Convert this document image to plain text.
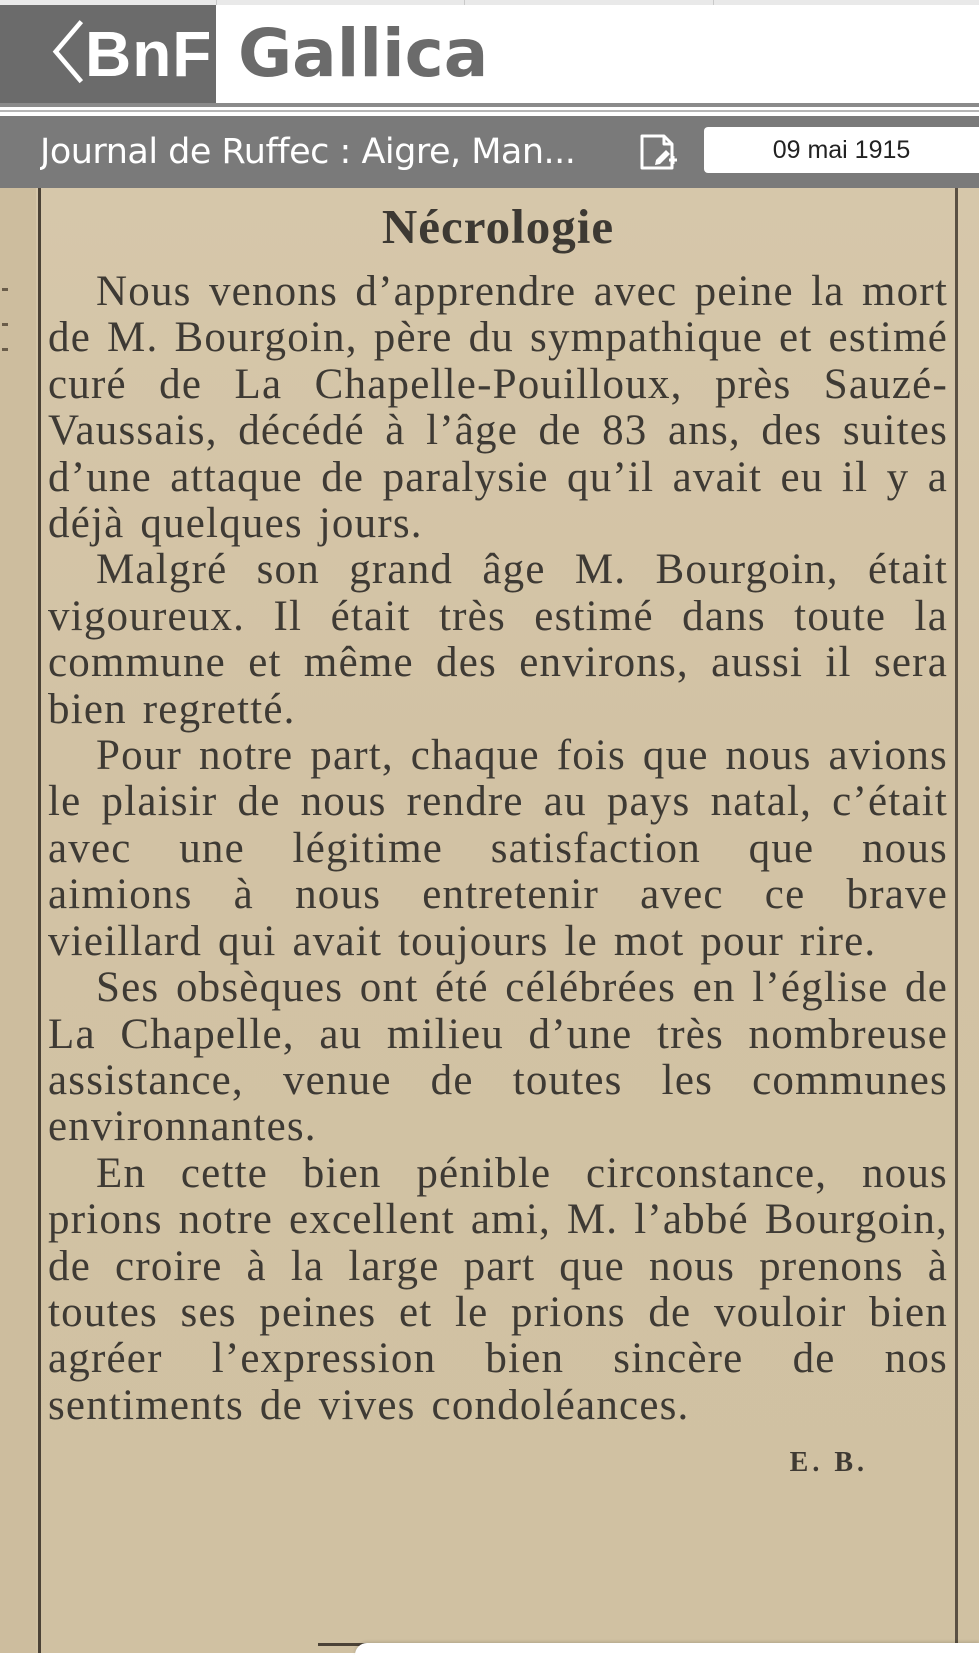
〈BnF Gallica
Journal de Ruffec : Aigre, Man...	09 mai 1915
Nécrologie

Nous venons d’apprendre avec peine la mort de M. Bourgoin, père du sympathique et estimé curé de La Chapelle-Pouilloux, près Sauzé-Vaussais, décédé à l’âge de 83 ans, des suites d’une attaque de paralysie qu’il avait eu il y a déjà quelques jours.

Malgré son grand âge M. Bourgoin, était vigoureux. Il était très estimé dans toute la commune et même des environs, aussi il sera bien regretté.

Pour notre part, chaque fois que nous avions le plaisir de nous rendre au pays natal, c’était avec une légitime satisfaction que nous aimions à nous entretenir avec ce brave vieillard qui avait toujours le mot pour rire.

Ses obsèques ont été célébrées en l’église de La Chapelle, au milieu d’une très nombreuse assistance, venue de toutes les communes environnantes.

En cette bien pénible circonstance, nous prions notre excellent ami, M. l’abbé Bourgoin, de croire à la large part que nous prenons à toutes ses peines et le prions de vouloir bien agréer l’expression bien sincère de nos sentiments de vives condoléances.

E. B.
